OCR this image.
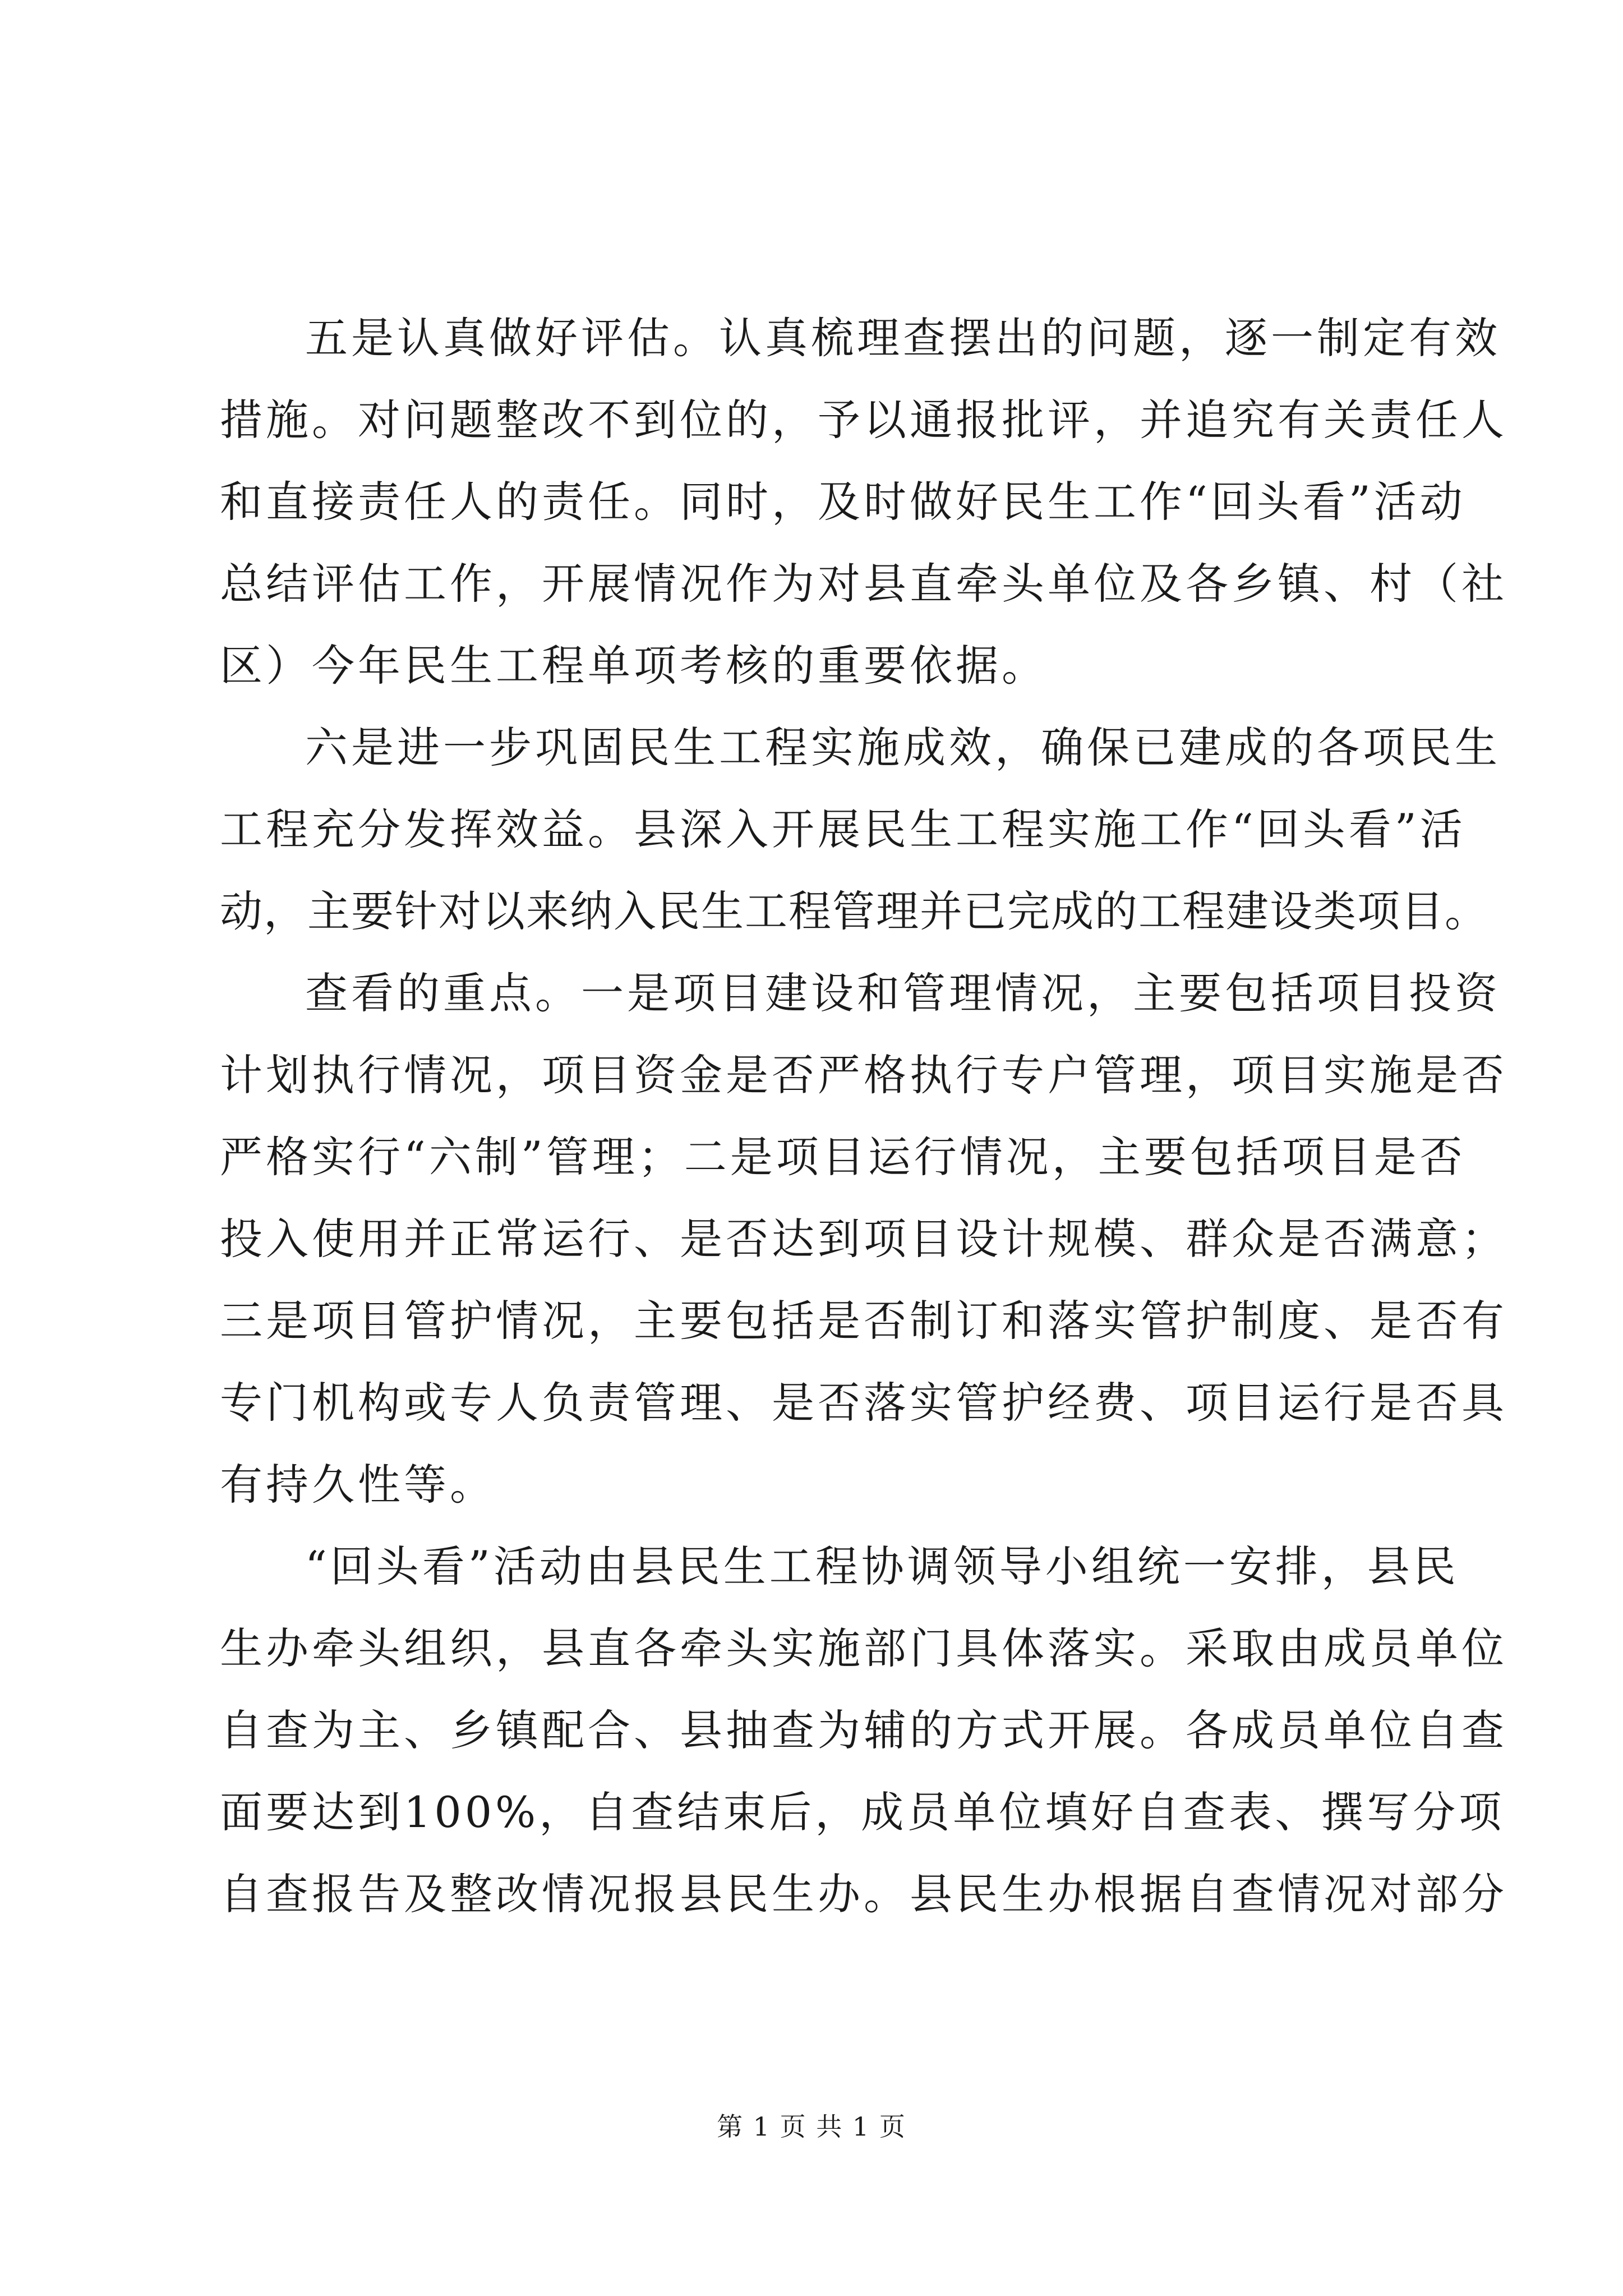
五是认真做好评估。认真梳理查摆出的问题，逐一制定有效
措施。对问题整改不到位的，予以通报批评，并追究有关责任人
和直接责任人的责任。同时，及时做好民生工作“回头看”活动
总结评估工作，开展情况作为对县直牵头单位及各乡镇、村（社
区）今年民生工程单项考核的重要依据。
六是进一步巩固民生工程实施成效，确保已建成的各项民生
工程充分发挥效益。县深入开展民生工程实施工作“回头看”活
动，主要针对以来纳入民生工程管理并已完成的工程建设类项目。
查看的重点。一是项目建设和管理情况，主要包括项目投资
计划执行情况，项目资金是否严格执行专户管理，项目实施是否
严格实行“六制”管理；二是项目运行情况，主要包括项目是否
投入使用并正常运行、是否达到项目设计规模、群众是否满意；
三是项目管护情况，主要包括是否制订和落实管护制度、是否有
专门机构或专人负责管理、是否落实管护经费、项目运行是否具
有持久性等。
“回头看”活动由县民生工程协调领导小组统一安排，县民
生办牵头组织，县直各牵头实施部门具体落实。采取由成员单位
自查为主、乡镇配合、县抽查为辅的方式开展。各成员单位自查
面要达到100%，自查结束后，成员单位填好自查表、撰写分项
自查报告及整改情况报县民生办。县民生办根据自查情况对部分
第 1 页 共 1 页
